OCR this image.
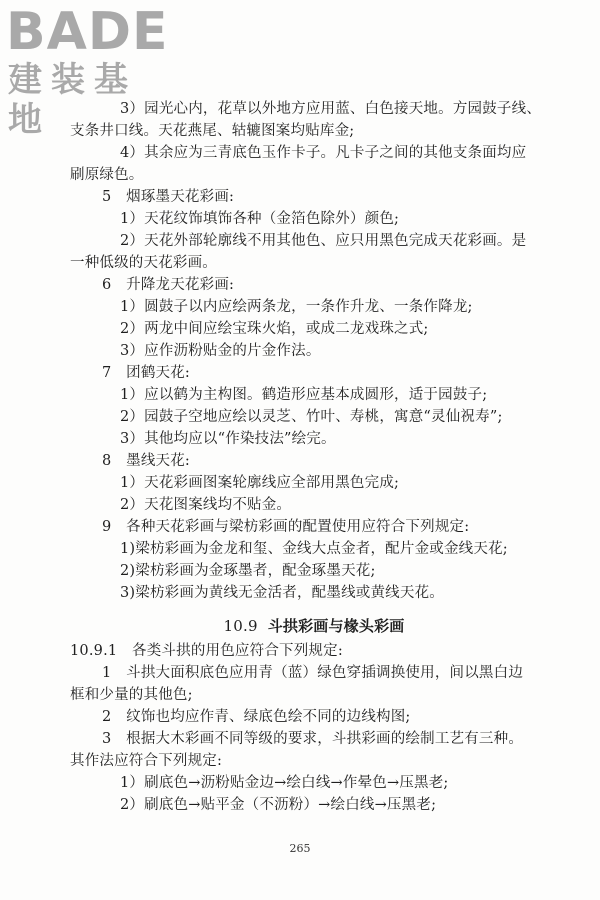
BADE
建装基地	3）园光心内，花草以外地方应用蓝、白色接天地。方园鼓子线、

支条井口线。天花燕尾、轱辘图案均贴库金;

4）其余应为三青底色玉作卡子。凡卡子之间的其他支条面均应

刷原绿色。

5　烟琢墨天花彩画:

1）天花纹饰填饰各种（金箔色除外）颜色;

2）天花外部轮廓线不用其他色、应只用黑色完成天花彩画。是

一种低级的天花彩画。

6　升降龙天花彩画:

1）圆鼓子以内应绘两条龙，一条作升龙、一条作降龙;

2）两龙中间应绘宝珠火焰，或成二龙戏珠之式;

3）应作沥粉贴金的片金作法。

7　团鹤天花:

1）应以鹤为主构图。鹤造形应基本成圆形，适于园鼓子;

2）园鼓子空地应绘以灵芝、竹叶、寿桃，寓意“灵仙祝寿”;

3）其他均应以“作染技法”绘完。

8　墨线天花:

1）天花彩画图案轮廓线应全部用黑色完成;

2）天花图案线均不贴金。

9　各种天花彩画与梁枋彩画的配置使用应符合下列规定:

1)梁枋彩画为金龙和玺、金线大点金者，配片金或金线天花;

2)梁枋彩画为金琢墨者，配金琢墨天花;

3)梁枋彩画为黄线无金活者，配墨线或黄线天花。

10.9 斗拱彩画与椽头彩画

10.9.1　各类斗拱的用色应符合下列规定:

1　斗拱大面积底色应用青（蓝）绿色穿插调换使用，间以黑白边

框和少量的其他色;

2　纹饰也均应作青、绿底色绘不同的边线构图;

3　根据大木彩画不同等级的要求，斗拱彩画的绘制工艺有三种。

其作法应符合下列规定:

1）刷底色→沥粉贴金边→绘白线→作晕色→压黑老;

2）刷底色→贴平金（不沥粉）→绘白线→压黑老;

265
